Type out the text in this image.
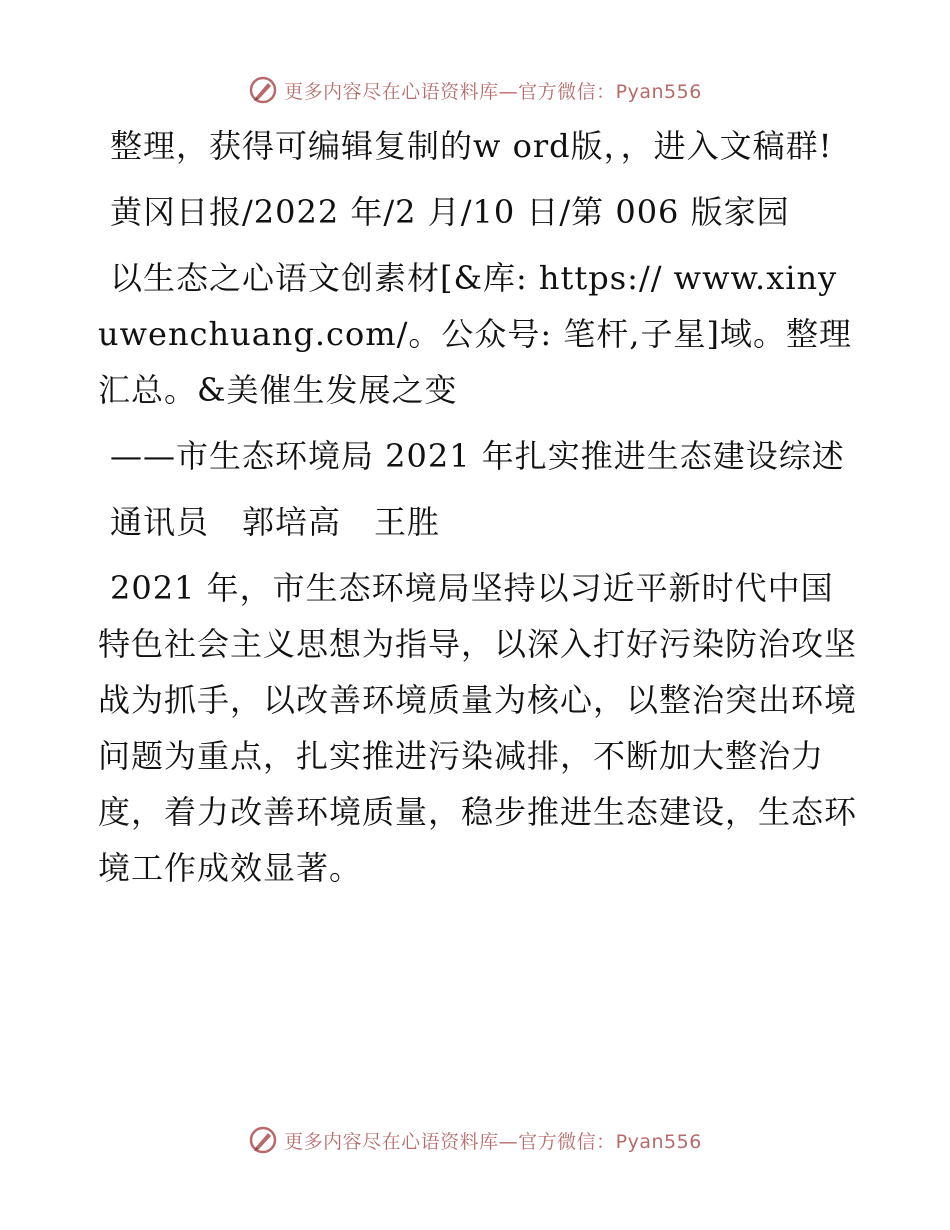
更多内容尽在心语资料库—官方微信：Pyan556

整理，获得可编辑复制的w ord版，，进入文稿群!

黄冈日报/2022 年/2 月/10 日/第 006 版家园

以生态之心语文创素材[&库: https:// www.xinyuwenchuang.com/。公众号: 笔杆,子星]域。整理汇总。&美催生发展之变

——市生态环境局 2021 年扎实推进生态建设综述

通讯员　郭培高　王胜

2021 年，市生态环境局坚持以习近平新时代中国特色社会主义思想为指导，以深入打好污染防治攻坚战为抓手，以改善环境质量为核心，以整治突出环境问题为重点，扎实推进污染减排，不断加大整治力度，着力改善环境质量，稳步推进生态建设，生态环境工作成效显著。

更多内容尽在心语资料库—官方微信：Pyan556
